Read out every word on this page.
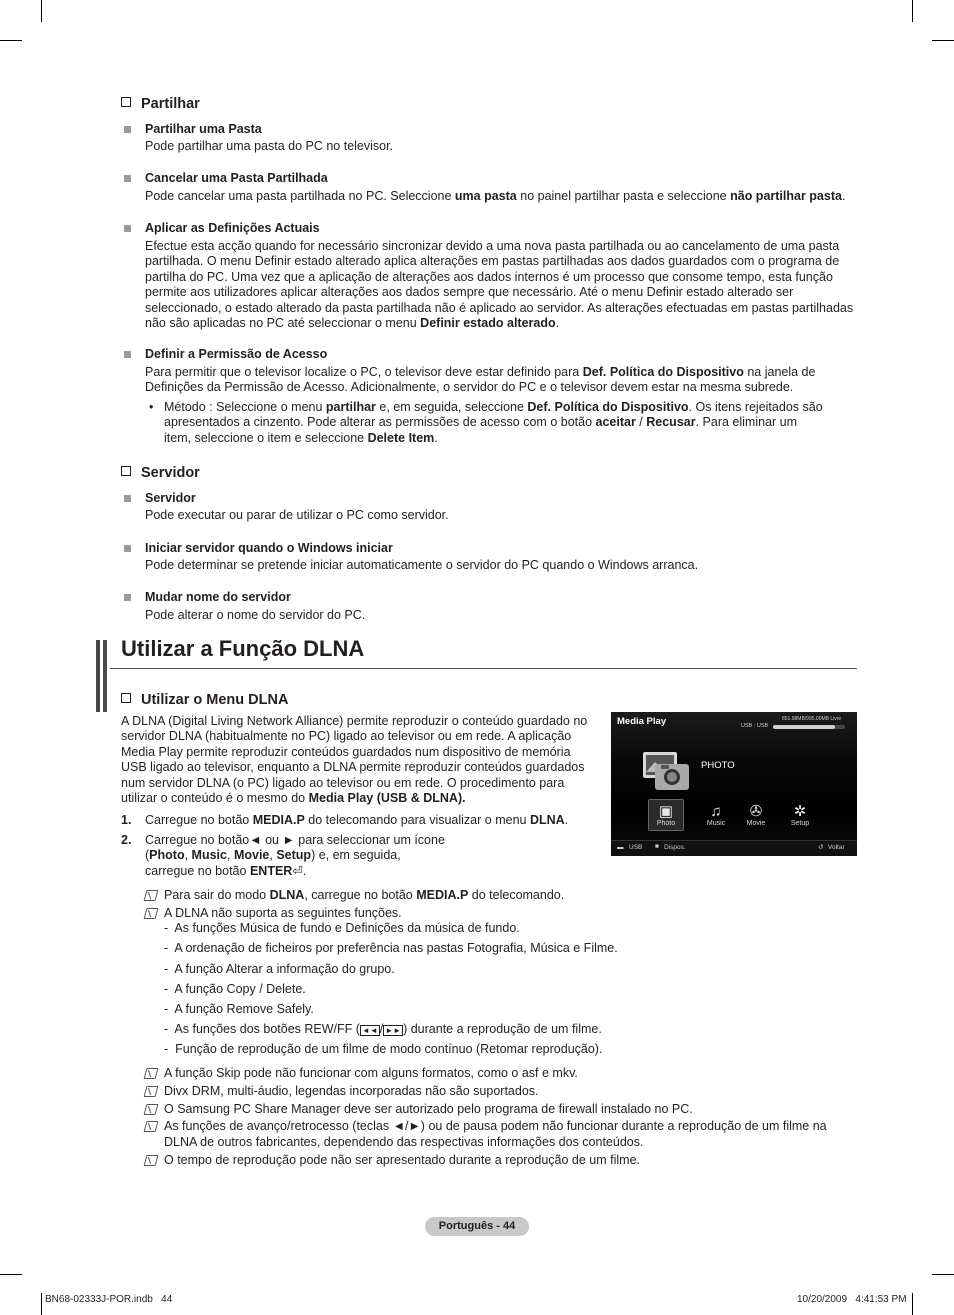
Partilhar
Partilhar uma Pasta
Pode partilhar uma pasta do PC no televisor.
Cancelar uma Pasta Partilhada
Pode cancelar uma pasta partilhada no PC. Seleccione uma pasta no painel partilhar pasta e seleccione não partilhar pasta.
Aplicar as Definições Actuais
Efectue esta acção quando for necessário sincronizar devido a uma nova pasta partilhada ou ao cancelamento de uma pasta partilhada. O menu Definir estado alterado aplica alterações em pastas partilhadas aos dados guardados com o programa de partilha do PC. Uma vez que a aplicação de alterações aos dados internos é um processo que consome tempo, esta função permite aos utilizadores aplicar alterações aos dados sempre que necessário. Até o menu Definir estado alterado ser seleccionado, o estado alterado da pasta partilhada não é aplicado ao servidor. As alterações efectuadas em pastas partilhadas não são aplicadas no PC até seleccionar o menu Definir estado alterado.
Definir a Permissão de Acesso
Para permitir que o televisor localize o PC, o televisor deve estar definido para Def. Política do Dispositivo na janela de Definições da Permissão de Acesso. Adicionalmente, o servidor do PC e o televisor devem estar na mesma subrede.
• Método : Seleccione o menu partilhar e, em seguida, seleccione Def. Política do Dispositivo. Os itens rejeitados são apresentados a cinzento. Pode alterar as permissões de acesso com o botão aceitar / Recusar. Para eliminar um item, seleccione o item e seleccione Delete Item.
Servidor
Servidor
Pode executar ou parar de utilizar o PC como servidor.
Iniciar servidor quando o Windows iniciar
Pode determinar se pretende iniciar automaticamente o servidor do PC quando o Windows arranca.
Mudar nome do servidor
Pode alterar o nome do servidor do PC.
Utilizar a Função DLNA
Utilizar o Menu DLNA
A DLNA (Digital Living Network Alliance) permite reproduzir o conteúdo guardado no servidor DLNA (habitualmente no PC) ligado ao televisor ou em rede. A aplicação Media Play permite reproduzir conteúdos guardados num dispositivo de memória USB ligado ao televisor, enquanto a DLNA permite reproduzir conteúdos guardados num servidor DLNA (o PC) ligado ao televisor ou em rede. O procedimento para utilizar o conteúdo é o mesmo do Media Play (USB & DLNA).
1. Carregue no botão MEDIA.P do telecomando para visualizar o menu DLNA.
2. Carregue no botão◄ ou ► para seleccionar um ícone (Photo, Music, Movie, Setup) e, em seguida, carregue no botão ENTER⏎.
Media Play	851.98MB/995.00MB Livre
USB : USB
PHOTO
▣
Photo
♫
Music
✇
Movie
✲
Setup
▬ USB ■ Dispos.	↺ Voltar
Para sair do modo DLNA, carregue no botão MEDIA.P do telecomando.
A DLNA não suporta as seguintes funções.
-  As funções Música de fundo e Definições da música de fundo.
-  A ordenação de ficheiros por preferência nas pastas Fotografia, Música e Filme.
-  A função Alterar a informação do grupo.
-  A função Copy / Delete.
-  A função Remove Safely.
-  As funções dos botões REW/FF ( ◄◄ / ►► ) durante a reprodução de um filme.
-  Função de reprodução de um filme de modo contínuo (Retomar reprodução).
A função Skip pode não funcionar com alguns formatos, como o asf e mkv.
Divx DRM, multi-áudio, legendas incorporadas não são suportados.
O Samsung PC Share Manager deve ser autorizado pelo programa de firewall instalado no PC.
As funções de avanço/retrocesso (teclas ◄/►) ou de pausa podem não funcionar durante a reprodução de um filme na DLNA de outros fabricantes, dependendo das respectivas informações dos conteúdos.
O tempo de reprodução pode não ser apresentado durante a reprodução de um filme.
Português - 44
BN68-02333J-POR.indb   44	10/20/2009   4:41:53 PM
